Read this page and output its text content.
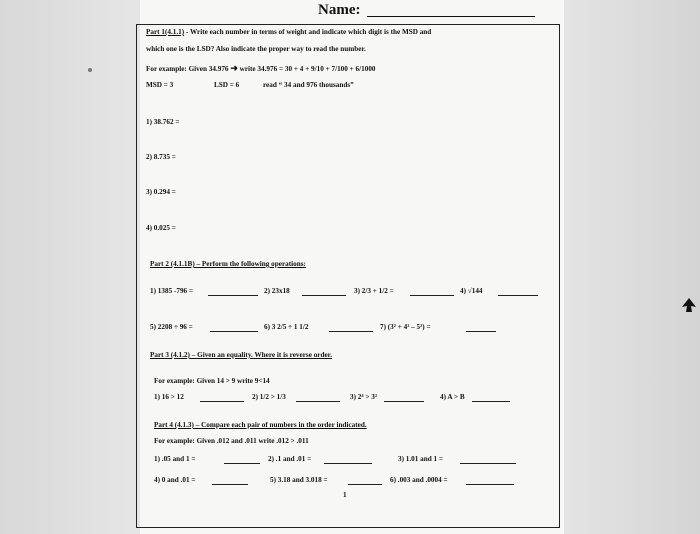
Name:
Part 1(4.1.1) - Write each number in terms of weight and indicate which digit is the MSD and
which one is the LSD? Also indicate the proper way to read the number.
For example: Given 34.976 ➜ write 34.976 = 30 + 4 + 9/10 + 7/100 + 6/1000
MSD = 3	LSD = 6	read “ 34 and 976 thousands”
1) 38.762 =
2) 8.735 =
3) 0.294 =
4) 0.025 =
Part 2 (4.1.1B) – Perform the following operations:
1) 1385 -796 =	2) 23x18	3) 2/3 + 1/2 =	4) √144
5) 2208 ÷ 96 =	6) 3 2/5 ÷ 1 1/2	7) (3² + 4² – 5²) =
Part 3 (4.1.2) – Given an equality. Where it is reverse order.
For example: Given 14 > 9 write 9<14
1) 16 > 12	2) 1/2 > 1/3	3) 2⁴ > 3²	4) A > B
Part 4 (4.1.3) – Compare each pair of numbers in the order indicated.
For example: Given .012 and .011 write .012 > .011
1) .05 and 1 =	2) .1 and .01 =	3) 1.01 and 1 =
4) 0 and .01 =	5) 3.18 and 3.018 =	6) .003 and .0004 =
1
